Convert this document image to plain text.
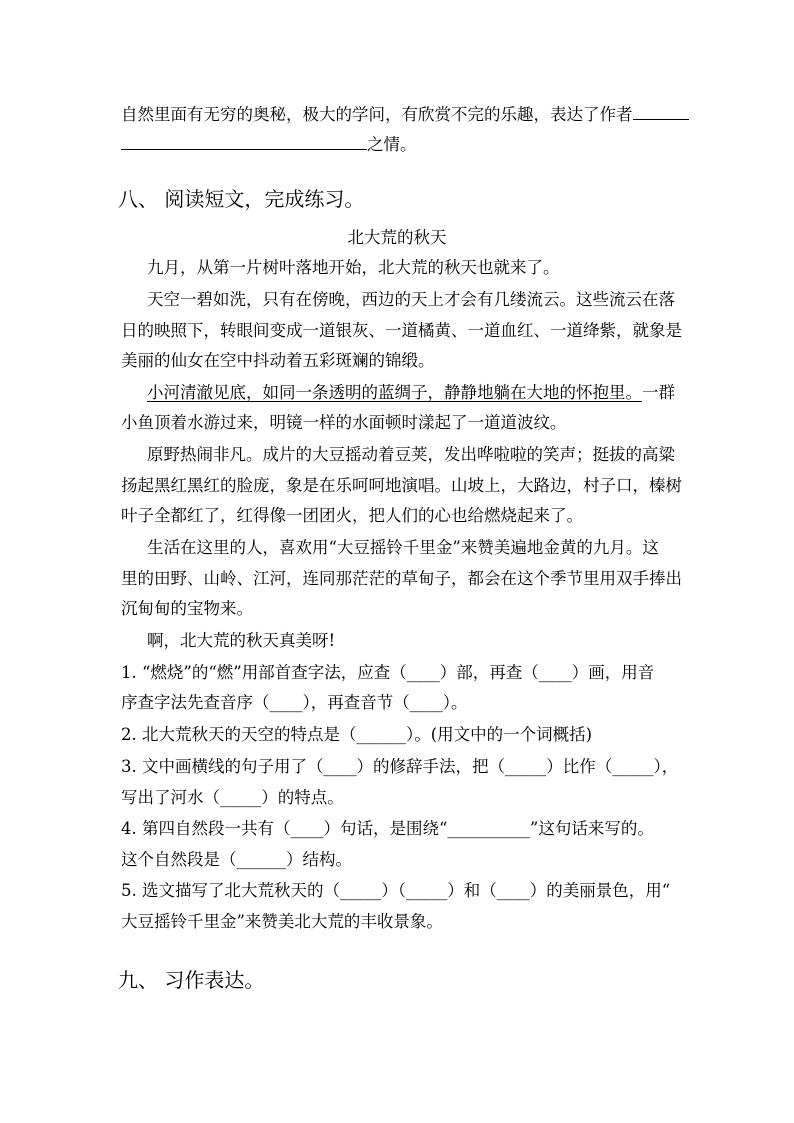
自然里面有无穷的奥秘，极大的学问，有欣赏不完的乐趣，表达了作者
之情。
八、 阅读短文，完成练习。
北大荒的秋天
九月，从第一片树叶落地开始，北大荒的秋天也就来了。
天空一碧如洗，只有在傍晚，西边的天上才会有几缕流云。这些流云在落
日的映照下，转眼间变成一道银灰、一道橘黄、一道血红、一道绛紫，就象是
美丽的仙女在空中抖动着五彩斑斓的锦缎。
小河清澈见底，如同一条透明的蓝绸子，静静地躺在大地的怀抱里。一群
小鱼顶着水游过来，明镜一样的水面顿时漾起了一道道波纹。
原野热闹非凡。成片的大豆摇动着豆荚，发出哗啦啦的笑声；挺拔的高粱
扬起黑红黑红的脸庞，象是在乐呵呵地演唱。山坡上，大路边，村子口，榛树
叶子全都红了，红得像一团团火，把人们的心也给燃烧起来了。
生活在这里的人，喜欢用“大豆摇铃千里金”来赞美遍地金黄的九月。这
里的田野、山岭、江河，连同那茫茫的草甸子，都会在这个季节里用双手捧出
沉甸甸的宝物来。
啊，北大荒的秋天真美呀!
1. “燃烧”的“燃”用部首查字法，应查（____）部，再查（____）画，用音
序查字法先查音序（____），再查音节（____）。
2. 北大荒秋天的天空的特点是（______）。(用文中的一个词概括)
3. 文中画横线的句子用了（____）的修辞手法，把（_____）比作（_____），
写出了河水（_____）的特点。
4. 第四自然段一共有（____）句话，是围绕“__________”这句话来写的。
这个自然段是（______）结构。
5. 选文描写了北大荒秋天的（_____）（_____）和（____）的美丽景色，用“
大豆摇铃千里金”来赞美北大荒的丰收景象。
九、 习作表达。
